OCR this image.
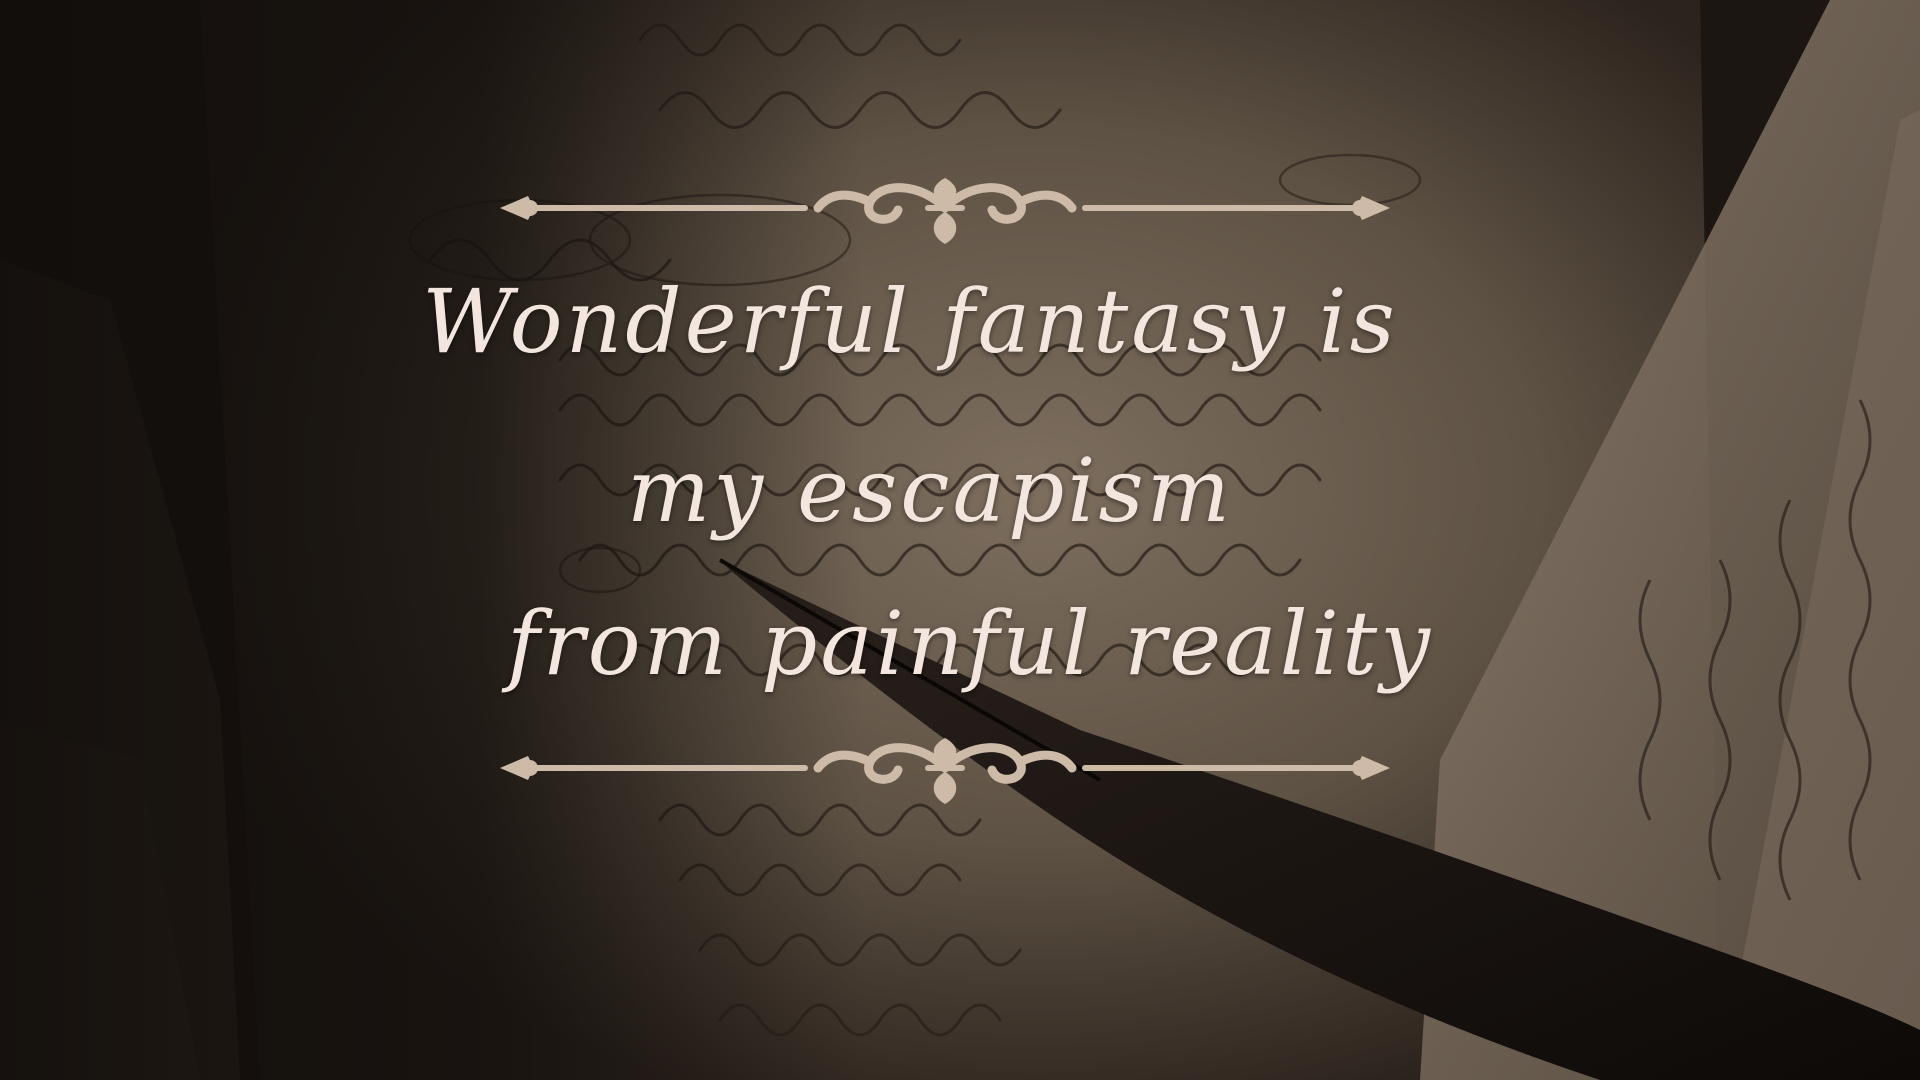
Wonderful fantasy is
my escapism
from painful reality
